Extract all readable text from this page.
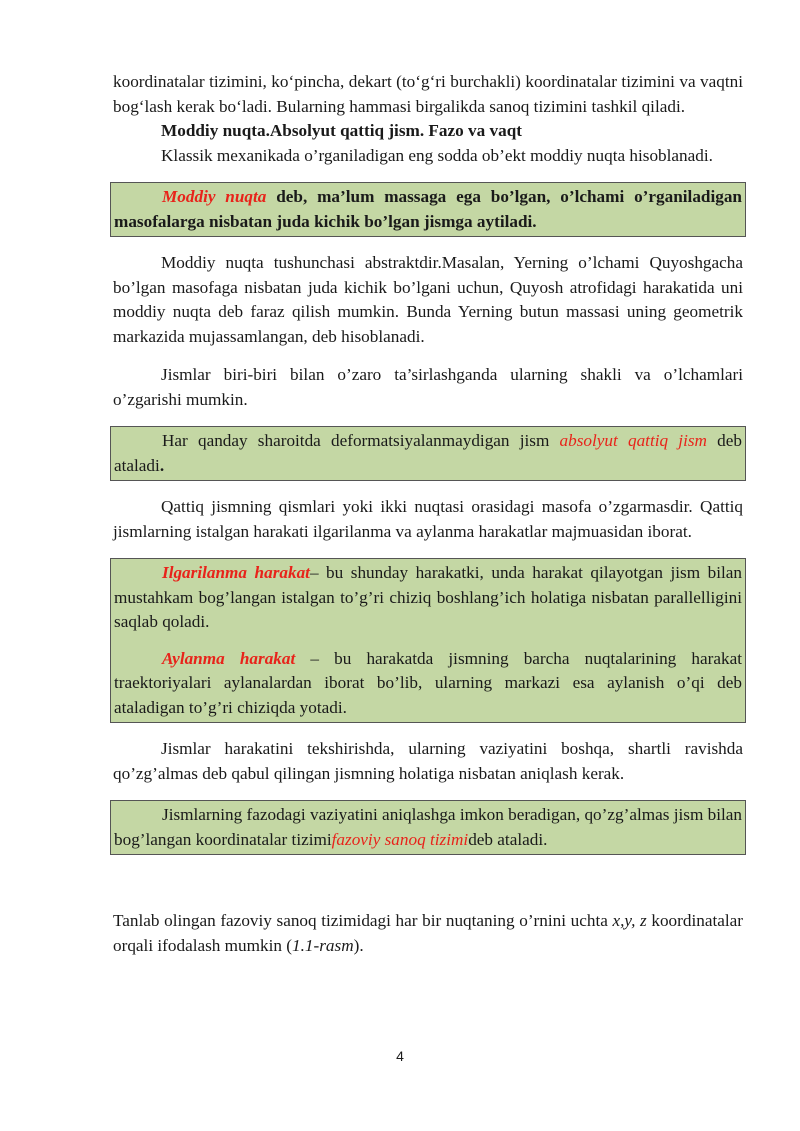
koordinatalar tizimini, ko‘pincha, dekart (to‘g‘ri burchakli) koordinatalar tizimini va vaqtni bog‘lash kerak bo‘ladi. Bularning hammasi birgalikda sanoq tizimini tashkil qiladi.

Moddiy nuqta.Absolyut qattiq jism. Fazo va vaqt

Klassik mexanikada o’rganiladigan eng sodda ob’ekt moddiy nuqta hisoblanadi.

Moddiy nuqta deb, ma’lum massaga ega bo’lgan, o’lchami o’rganiladigan masofalarga nisbatan juda kichik bo’lgan jismga aytiladi.

Moddiy nuqta tushunchasi abstraktdir.Masalan, Yerning o’lchami Quyoshgacha bo’lgan masofaga nisbatan juda kichik bo’lgani uchun, Quyosh atrofidagi harakatida uni moddiy nuqta deb faraz qilish mumkin. Bunda Yerning butun massasi uning geometrik markazida mujassamlangan, deb hisoblanadi.

Jismlar biri-biri bilan o’zaro ta’sirlashganda ularning shakli va o’lchamlari o’zgarishi mumkin.

Har qanday sharoitda deformatsiyalanmaydigan jism absolyut qattiq jism deb ataladi.

Qattiq jismning qismlari yoki ikki nuqtasi orasidagi masofa o’zgarmasdir. Qattiq jismlarning istalgan harakati ilgarilanma va aylanma harakatlar majmuasidan iborat.

Ilgarilanma harakat– bu shunday harakatki, unda harakat qilayotgan jism bilan mustahkam bog’langan istalgan to’g’ri chiziq boshlang’ich holatiga nisbatan parallelligini saqlab qoladi.

Aylanma harakat – bu harakatda jismning barcha nuqtalarining harakat traektoriyalari aylanalardan iborat bo’lib, ularning markazi esa aylanish o’qi deb ataladigan to’g’ri chiziqda yotadi.

Jismlar harakatini tekshirishda, ularning vaziyatini boshqa, shartli ravishda qo’zg’almas deb qabul qilingan jismning holatiga nisbatan aniqlash kerak.

Jismlarning fazodagi vaziyatini aniqlashga imkon beradigan, qo’zg’almas jism bilan bog’langan koordinatalar tizimifazoviy sanoq tizimideb ataladi.

Tanlab olingan fazoviy sanoq tizimidagi har bir nuqtaning o’rnini uchta x,y, z koordinatalar orqali ifodalash mumkin (1.1-rasm).

4
